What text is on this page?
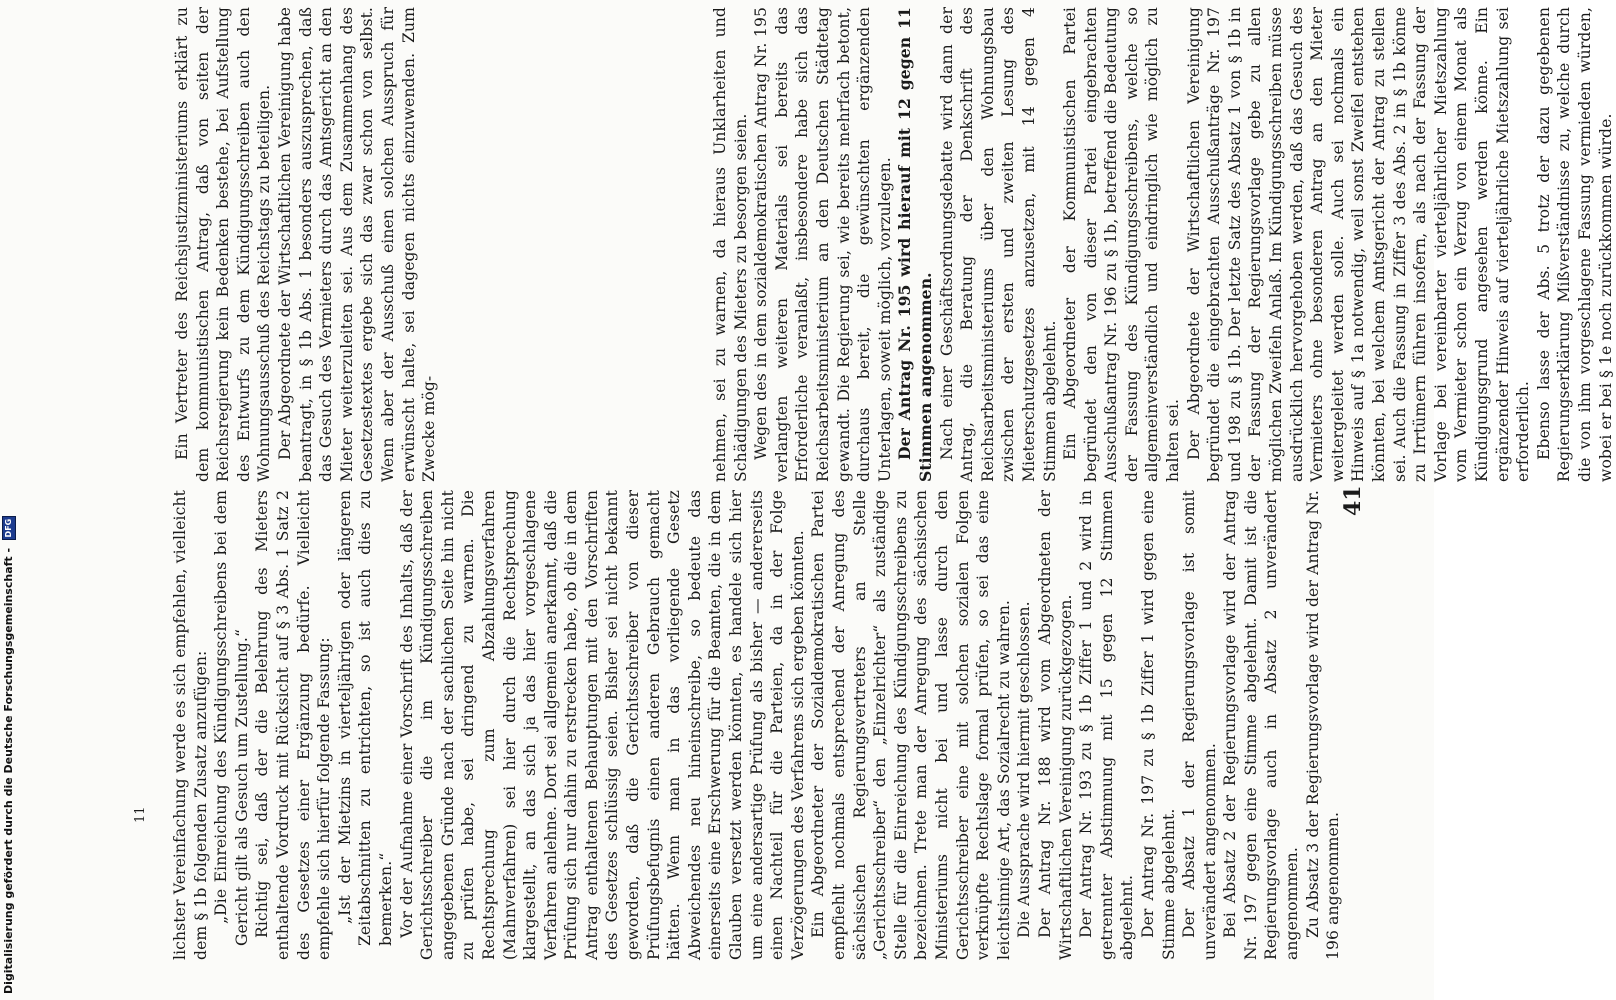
41
11

nehmen, sei zu warnen, da hieraus Unklarheiten und Schädigungen des Mieters zu besorgen seien. Wegen des in dem sozialdemokratischen Antrag Nr. 195 verlangten weiteren Materials sei bereits das Erforderliche veranlaßt, insbesondere habe sich das Reichsarbeitsministerium an den Deutschen Städtetag gewandt. Die Regierung sei, wie bereits mehrfach betont, durchaus bereit, die gewünschten ergänzenden Unterlagen, soweit möglich, vorzulegen. Der Antrag Nr. 195 wird hierauf mit 12 gegen 11 Stimmen angenommen. Nach einer Geschäftsordnungsdebatte wird dann der Antrag, die Beratung der Denkschrift des Reichsarbeitsministeriums über den Wohnungsbau zwischen der ersten und zweiten Lesung des Mieterschutzgesetzes anzusetzen, mit 14 gegen 4 Stimmen abgelehnt. Ein Abgeordneter der Kommunistischen Partei begründet den von dieser Partei eingebrachten Ausschußantrag Nr. 196 zu § 1b, betreffend die Bedeutung der Fassung des Kündigungsschreibens, welche so allgemeinverständlich und eindringlich wie möglich zu halten sei. Der Abgeordnete der Wirtschaftlichen Vereinigung begründet die eingebrachten Ausschußanträge Nr. 197 und 198 zu § 1b. Der letzte Satz des Absatz 1 von § 1b in der Fassung der Regierungsvorlage gebe zu allen möglichen Zweifeln Anlaß. Im Kündigungsschreiben müsse ausdrücklich hervorgehoben werden, daß das Gesuch des Vermieters ohne besonderen Antrag an den Mieter weitergeleitet werden solle. Auch sei nochmals ein Hinweis auf § 1a notwendig, weil sonst Zweifel entstehen könnten, bei welchem Amtsgericht der Antrag zu stellen sei. Auch die Fassung in Ziffer 3 des Abs. 2 in § 1b könne zu Irrtümern führen insofern, als nach der Fassung der Vorlage bei vereinbarter vierteljährlicher Mietszahlung vom Vermieter schon ein Verzug von einem Monat als Kündigungsgrund angesehen werden könne. Ein ergänzender Hinweis auf vierteljährliche Mietszahlung sei erforderlich. Ebenso lasse der Abs. 5 trotz der dazu gegebenen Regierungserklärung Mißverständnisse zu, welche durch die von ihm vorgeschlagene Fassung vermieden würden, wobei er bei § 1e noch zurückkommen würde.

Ein Vertreter des Reichsjustizministeriums erklärt zu dem kommunistischen Antrag, daß von seiten der Reichsregierung kein Bedenken bestehe, bei Aufstellung des Entwurfs zu dem Kündigungsschreiben auch den Wohnungsausschuß des Reichstags zu beteiligen. Der Abgeordnete der Wirtschaftlichen Vereinigung habe beantragt, in § 1b Abs. 1 besonders auszusprechen, daß das Gesuch des Vermieters durch das Amtsgericht an den Mieter weiterzuleiten sei. Aus dem Zusammenhang des Gesetzestextes ergebe sich das zwar schon von selbst. Wenn aber der Ausschuß einen solchen Ausspruch für erwünscht halte, sei dagegen nichts einzuwenden. Zum Zwecke mög-

lichster Vereinfachung werde es sich empfehlen, vielleicht dem § 1b folgenden Zusatz anzufügen: „Die Einreichung des Kündigungsschreibens bei dem Gericht gilt als Gesuch um Zustellung.“ Richtig sei, daß der die Belehrung des Mieters enthaltende Vordruck mit Rücksicht auf § 3 Abs. 1 Satz 2 des Gesetzes einer Ergänzung bedürfe. Vielleicht empfehle sich hierfür folgende Fassung: „Ist der Mietzins in vierteljährigen oder längeren Zeitabschnitten zu entrichten, so ist auch dies zu bemerken.“ Vor der Aufnahme einer Vorschrift des Inhalts, daß der Gerichtsschreiber die im Kündigungsschreiben angegebenen Gründe nach der sachlichen Seite hin nicht zu prüfen habe, sei dringend zu warnen. Die Rechtsprechung zum Abzahlungsverfahren (Mahnverfahren) sei hier durch die Rechtsprechung klargestellt, an das sich ja das hier vorgeschlagene Verfahren anlehne. Dort sei allgemein anerkannt, daß die Prüfung sich nur dahin zu erstrecken habe, ob die in dem Antrag enthaltenen Behauptungen mit den Vorschriften des Gesetzes schlüssig seien. Bisher sei nicht bekannt geworden, daß die Gerichtsschreiber von dieser Prüfungsbefugnis einen anderen Gebrauch gemacht hätten. Wenn man in das vorliegende Gesetz Abweichendes neu hineinschreibe, so bedeute das einerseits eine Erschwerung für die Beamten, die in dem Glauben versetzt werden könnten, es handele sich hier um eine andersartige Prüfung als bisher — andererseits einen Nachteil für die Parteien, da in der Folge Verzögerungen des Verfahrens sich ergeben könnten. Ein Abgeordneter der Sozialdemokratischen Partei empfiehlt nochmals entsprechend der Anregung des sächsischen Regierungsvertreters an Stelle „Gerichtsschreiber“ den „Einzelrichter“ als zuständige Stelle für die Einreichung des Kündigungsschreibens zu bezeichnen. Trete man der Anregung des sächsischen Ministeriums nicht bei und lasse durch den Gerichtsschreiber eine mit solchen sozialen Folgen verknüpfte Rechtslage formal prüfen, so sei das eine leichtsinnige Art, das Sozialrecht zu wahren. Die Aussprache wird hiermit geschlossen. Der Antrag Nr. 188 wird vom Abgeordneten der Wirtschaftlichen Vereinigung zurückgezogen. Der Antrag Nr. 193 zu § 1b Ziffer 1 und 2 wird in getrennter Abstimmung mit 15 gegen 12 Stimmen abgelehnt. Der Antrag Nr. 197 zu § 1b Ziffer 1 wird gegen eine Stimme abgelehnt. Der Absatz 1 der Regierungsvorlage ist somit unverändert angenommen. Bei Absatz 2 der Regierungsvorlage wird der Antrag Nr. 197 gegen eine Stimme abgelehnt. Damit ist die Regierungsvorlage auch in Absatz 2 unverändert angenommen. Zu Absatz 3 der Regierungsvorlage wird der Antrag Nr. 196 angenommen.

Digitalisierung gefördert durch die Deutsche Forschungsgemeinschaft - DFG
